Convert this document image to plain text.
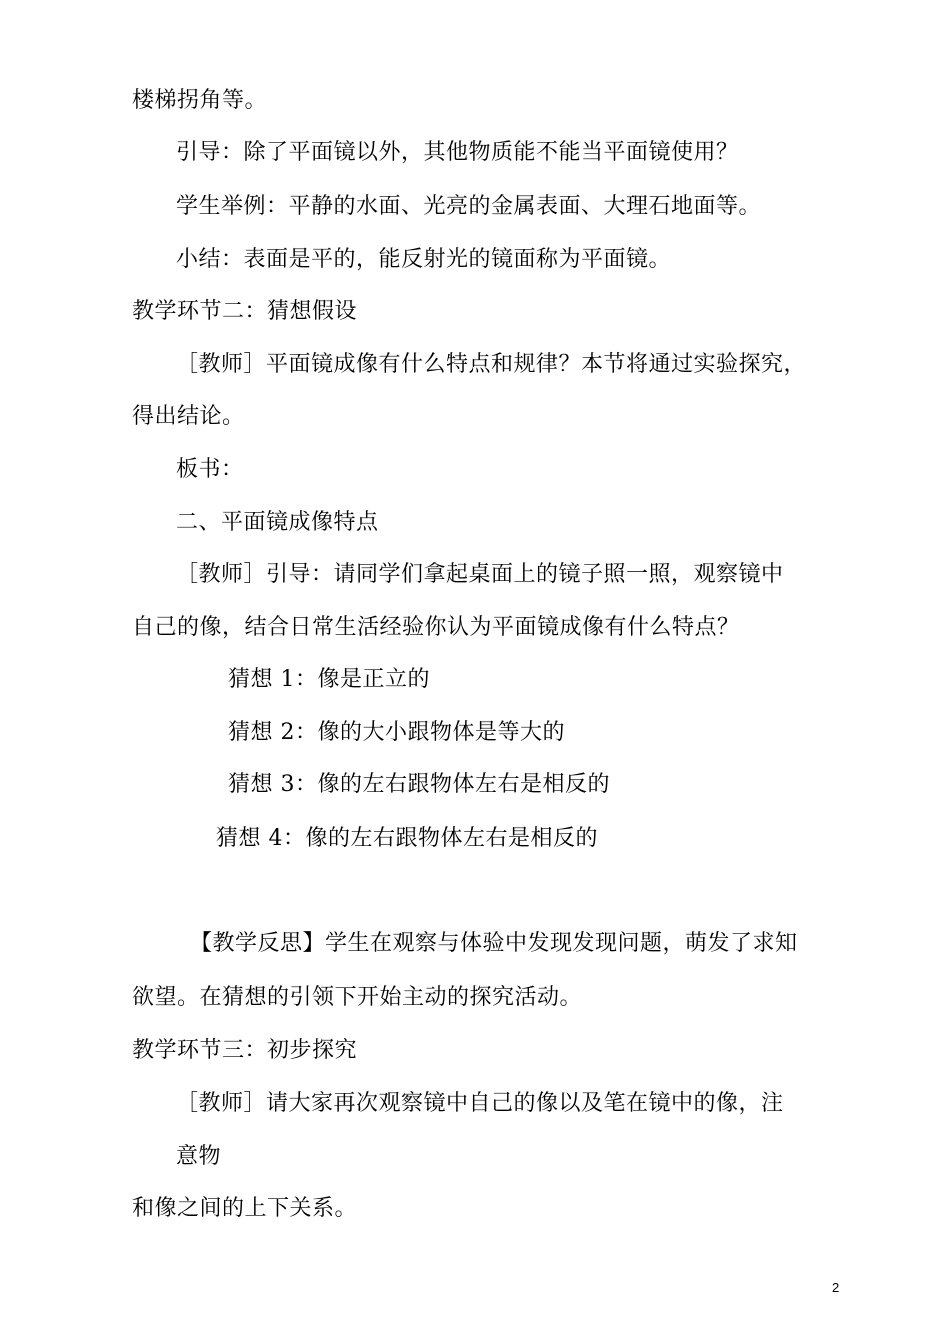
楼梯拐角等。
引导：除了平面镜以外，其他物质能不能当平面镜使用？
学生举例：平静的水面、光亮的金属表面、大理石地面等。
小结：表面是平的，能反射光的镜面称为平面镜。
教学环节二：猜想假设
［教师］平面镜成像有什么特点和规律？本节将通过实验探究，
得出结论。
板书：
二、平面镜成像特点
［教师］引导：请同学们拿起桌面上的镜子照一照，观察镜中
自己的像，结合日常生活经验你认为平面镜成像有什么特点？
猜想 1：像是正立的
猜想 2：像的大小跟物体是等大的
猜想 3：像的左右跟物体左右是相反的
猜想 4：像的左右跟物体左右是相反的
【教学反思】学生在观察与体验中发现发现问题，萌发了求知
欲望。在猜想的引领下开始主动的探究活动。
教学环节三：初步探究
［教师］请大家再次观察镜中自己的像以及笔在镜中的像，注
意物
和像之间的上下关系。
2
